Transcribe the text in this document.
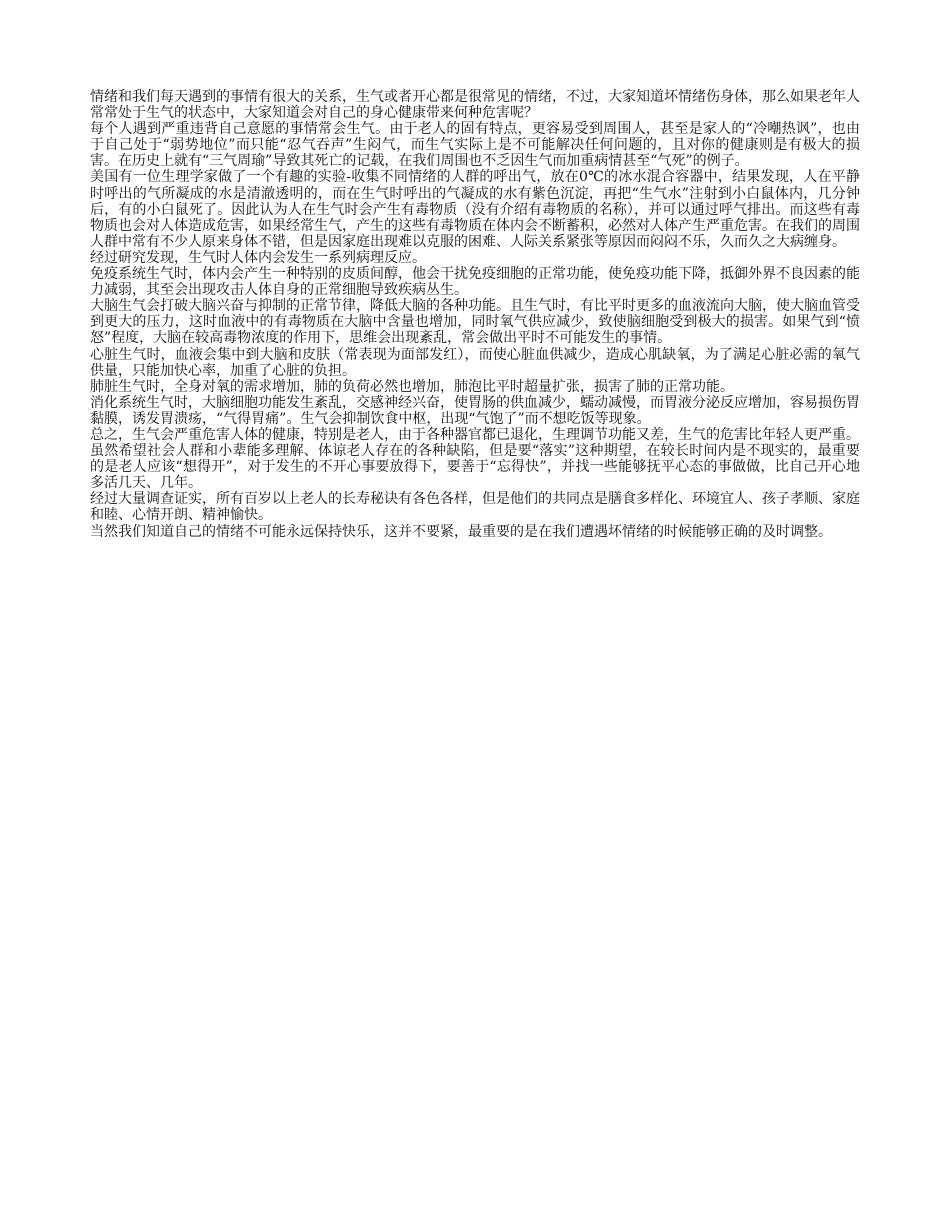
情绪和我们每天遇到的事情有很大的关系，生气或者开心都是很常见的情绪，不过，大家知道坏情绪伤身体，那么如果老年人常常处于生气的状态中，大家知道会对自己的身心健康带来何种危害呢？

每个人遇到严重违背自己意愿的事情常会生气。由于老人的固有特点，更容易受到周围人，甚至是家人的“冷嘲热讽”，也由于自己处于“弱势地位”而只能“忍气吞声”生闷气，而生气实际上是不可能解决任何问题的，且对你的健康则是有极大的损害。在历史上就有“三气周瑜”导致其死亡的记载，在我们周围也不乏因生气而加重病情甚至“气死”的例子。

美国有一位生理学家做了一个有趣的实验-收集不同情绪的人群的呼出气，放在0℃的冰水混合容器中，结果发现，人在平静时呼出的气所凝成的水是清澈透明的，而在生气时呼出的气凝成的水有紫色沉淀，再把“生气水”注射到小白鼠体内，几分钟后，有的小白鼠死了。因此认为人在生气时会产生有毒物质（没有介绍有毒物质的名称），并可以通过呼气排出。而这些有毒物质也会对人体造成危害，如果经常生气，产生的这些有毒物质在体内会不断蓄积，必然对人体产生严重危害。在我们的周围人群中常有不少人原来身体不错，但是因家庭出现难以克服的困难、人际关系紧张等原因而闷闷不乐，久而久之大病缠身。

经过研究发现，生气时人体内会发生一系列病理反应。

免疫系统生气时，体内会产生一种特别的皮质间醇，他会干扰免疫细胞的正常功能，使免疫功能下降，抵御外界不良因素的能力减弱，其至会出现攻击人体自身的正常细胞导致疾病丛生。

大脑生气会打破大脑兴奋与抑制的正常节律，降低大脑的各种功能。且生气时，有比平时更多的血液流向大脑，使大脑血管受到更大的压力，这时血液中的有毒物质在大脑中含量也增加，同时氧气供应减少，致使脑细胞受到极大的损害。如果气到“愤怒”程度，大脑在较高毒物浓度的作用下，思维会出现紊乱，常会做出平时不可能发生的事情。

心脏生气时，血液会集中到大脑和皮肤（常表现为面部发红），而使心脏血供减少，造成心肌缺氧，为了满足心脏必需的氧气供量，只能加快心率，加重了心脏的负担。

肺脏生气时，全身对氧的需求增加，肺的负荷必然也增加，肺泡比平时超量扩张，损害了肺的正常功能。

消化系统生气时，大脑细胞功能发生紊乱，交感神经兴奋，使胃肠的供血减少，蠕动减慢，而胃液分泌反应增加，容易损伤胃黏膜，诱发胃溃疡，“气得胃痛”。生气会抑制饮食中枢，出现“气饱了”而不想吃饭等现象。

总之，生气会严重危害人体的健康，特别是老人，由于各种器官都已退化，生理调节功能又差，生气的危害比年轻人更严重。

虽然希望社会人群和小辈能多理解、体谅老人存在的各种缺陷，但是要“落实”这种期望，在较长时间内是不现实的，最重要的是老人应该“想得开”，对于发生的不开心事要放得下，要善于“忘得快”，并找一些能够抚平心态的事做做，比自己开心地多活几天、几年。

经过大量调查证实，所有百岁以上老人的长寿秘诀有各色各样，但是他们的共同点是膳食多样化、环境宜人、孩子孝顺、家庭和睦、心情开朗、精神愉快。

当然我们知道自己的情绪不可能永远保持快乐，这并不要紧，最重要的是在我们遭遇坏情绪的时候能够正确的及时调整。
